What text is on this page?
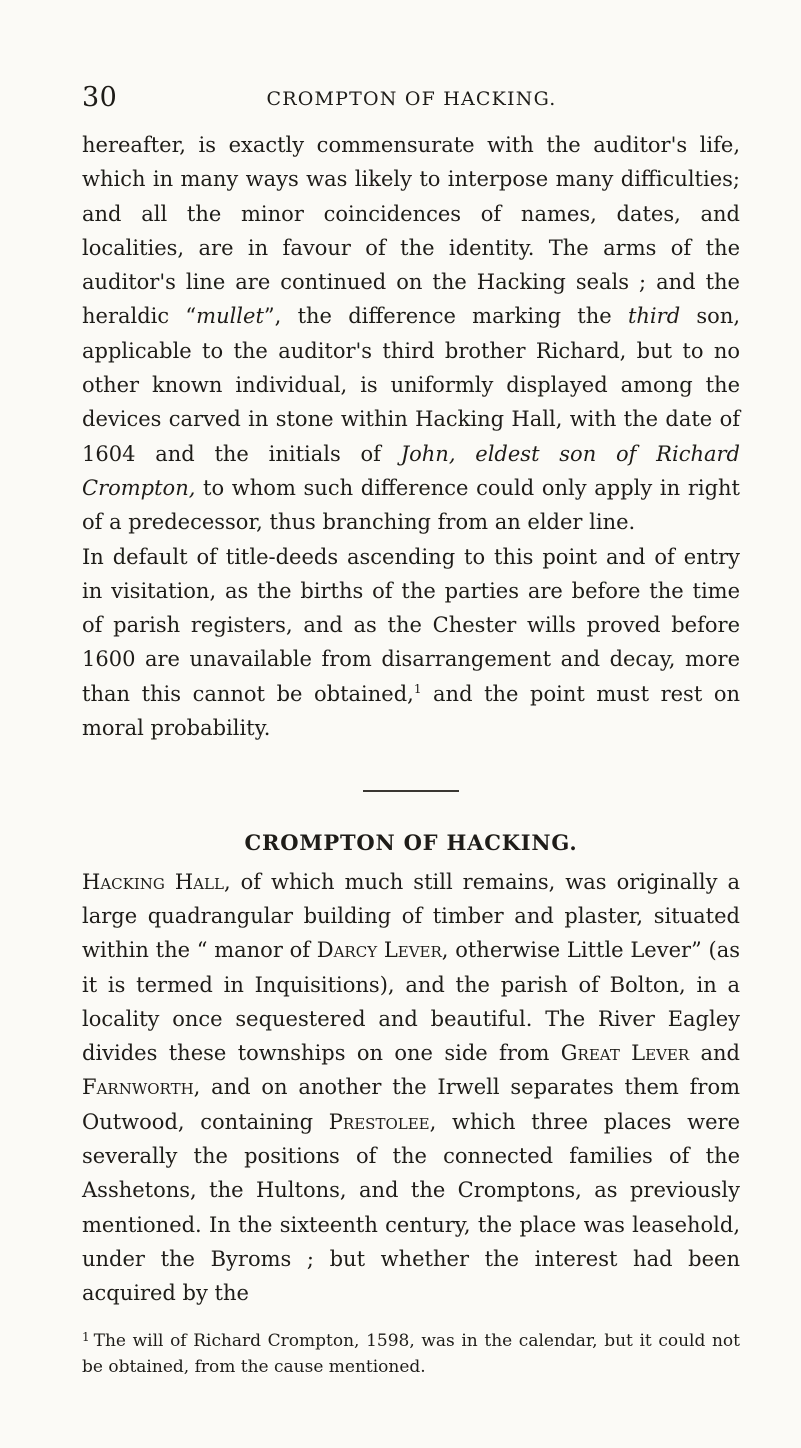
30	CROMPTON OF HACKING.

hereafter, is exactly commensurate with the auditor's life, which in many ways was likely to interpose many difficulties; and all the minor coincidences of names, dates, and localities, are in favour of the identity. The arms of the auditor's line are continued on the Hacking seals ; and the heraldic “mullet”, the difference marking the third son, applicable to the auditor's third brother Richard, but to no other known individual, is uniformly displayed among the devices carved in stone within Hacking Hall, with the date of 1604 and the initials of John, eldest son of Richard Crompton, to whom such difference could only apply in right of a predecessor, thus branching from an elder line.

In default of title-deeds ascending to this point and of entry in visitation, as the births of the parties are before the time of parish registers, and as the Chester wills proved before 1600 are unavailable from disarrangement and decay, more than this cannot be obtained,$^1$ and the point must rest on moral probability.

CROMPTON OF HACKING.

Hacking Hall, of which much still remains, was originally a large quadrangular building of timber and plaster, situated within the “ manor of Darcy Lever, otherwise Little Lever” (as it is termed in Inquisitions), and the parish of Bolton, in a locality once sequestered and beautiful. The River Eagley divides these townships on one side from Great Lever and Farnworth, and on another the Irwell separates them from Outwood, containing Prestolee, which three places were severally the positions of the connected families of the Asshetons, the Hultons, and the Cromptons, as previously mentioned. In the sixteenth century, the place was leasehold, under the Byroms ; but whether the interest had been acquired by the

$^1$ The will of Richard Crompton, 1598, was in the calendar, but it could not be obtained, from the cause mentioned.
